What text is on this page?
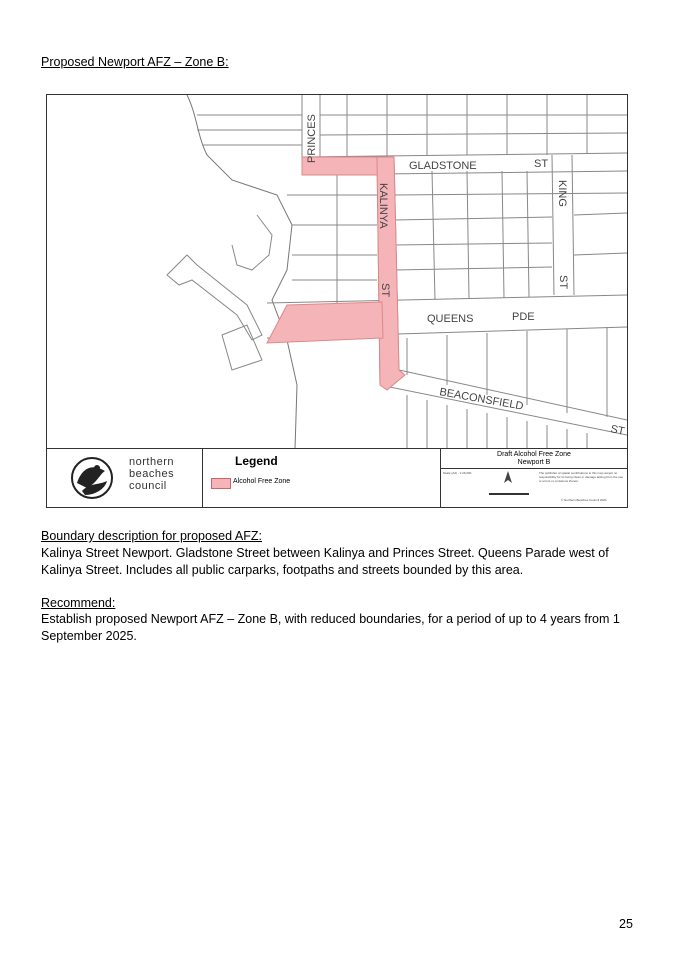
Proposed Newport AFZ – Zone B:
PRINCES
GLADSTONE	ST
KING
ST
KALINYA
ST
QUEENS	PDE
BEACONSFIELD
ST
northern
beaches
council
Legend
Alcohol Free Zone
Draft Alcohol Free Zone
Newport B
Scale (A4) - 1:26,000	The publisher of spatial contributions to this map accept no responsibility for its being clean or damage arising from the use or errors or omissions therein.
© Northern Beaches Council 2024
Boundary description for proposed AFZ:
Kalinya Street Newport. Gladstone Street between Kalinya and Princes Street. Queens Parade west of Kalinya Street. Includes all public carparks, footpaths and streets bounded by this area.
Recommend:
Establish proposed Newport AFZ – Zone B, with reduced boundaries, for a period of up to 4 years from 1 September 2025.
25
